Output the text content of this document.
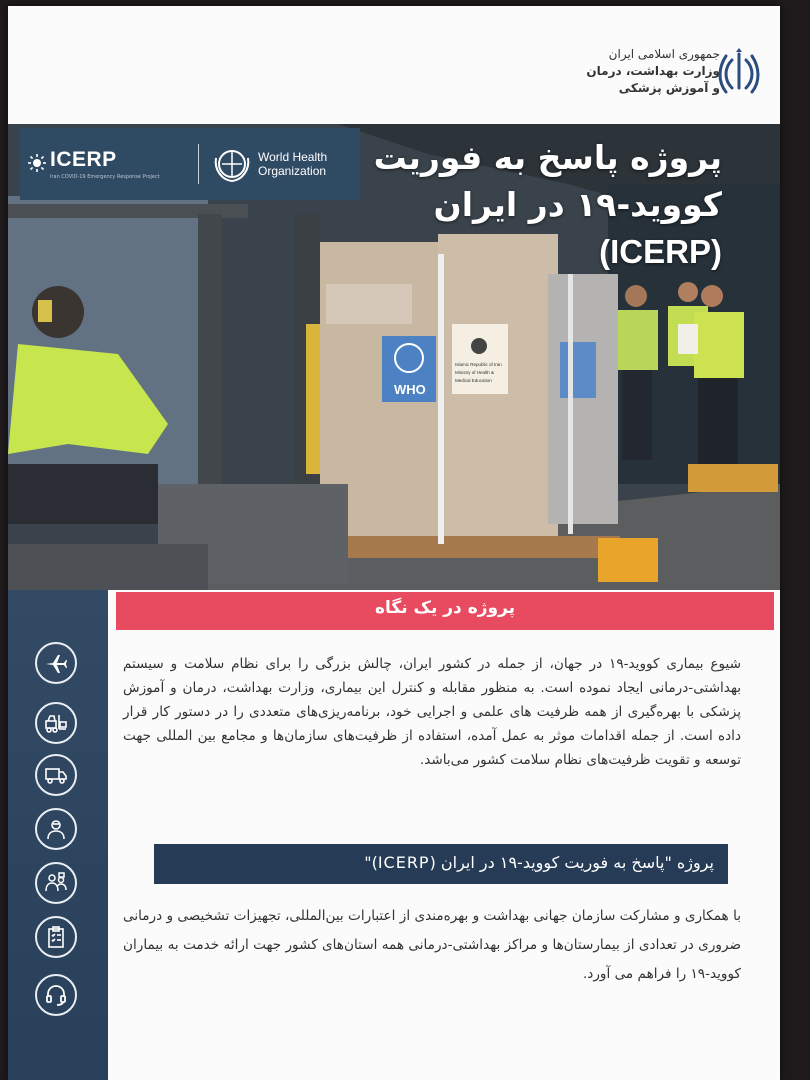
جمهوری اسلامی ایران
وزارت بهداشت، درمان
و آموزش پزشکی
WHO
Islamic Republic of Iran
Ministry of Health &
Medical Education
ICERP
Iran COVID-19 Emergency Response Project
World Health
Organization	پروژه پاسخ به فوریت
کووید-۱۹ در ایران
(ICERP)
پروژه در یک نگاه
شیوع بیماری کووید-۱۹ در جهان، از جمله در کشور ایران، چالش بزرگی را برای نظام سلامت و سیستم بهداشتی-درمانی ایجاد نموده است. به منظور مقابله و کنترل این بیماری، وزارت بهداشت، درمان و آموزش پزشکی با بهره‌گیری از همه ظرفیت های علمی و اجرایی خود، برنامه‌ریزی‌های متعددی را در دستور کار قرار داده است. از جمله اقدامات موثر به عمل آمده، استفاده از ظرفیت‌های سازمان‌ها و مجامع بین المللی جهت توسعه و تقویت ظرفیت‌های نظام سلامت کشور می‌باشد.
پروژه "پاسخ به فوریت کووید-۱۹ در ایران (ICERP)"
با همکاری و مشارکت سازمان جهانی بهداشت و بهره‌مندی از اعتبارات بین‌المللی، تجهیزات تشخیصی و درمانی ضروری در تعدادی از بیمارستان‌ها و مراکز بهداشتی-درمانی همه استان‌های کشور جهت ارائه خدمت به بیماران کووید-۱۹ را فراهم می آورد.
